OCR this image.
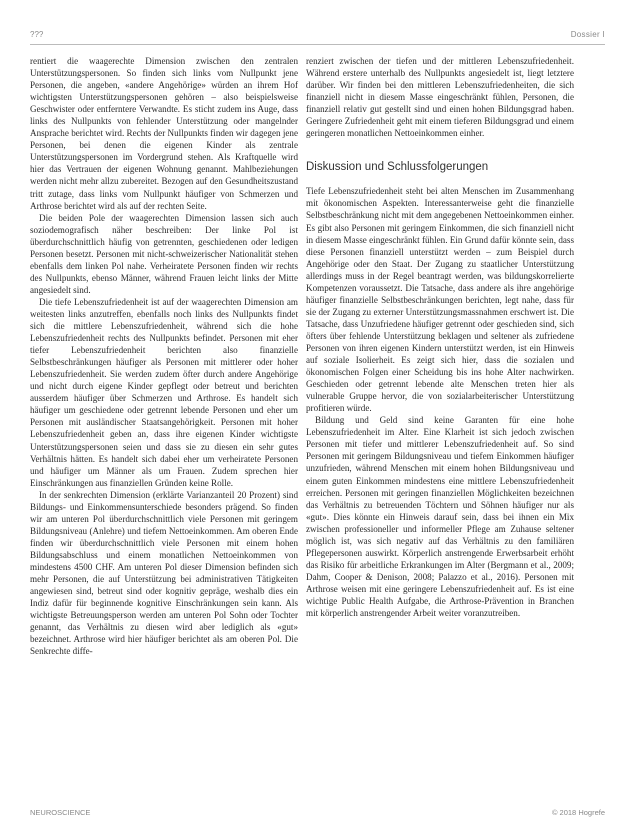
???	Dossier I

rentiert die waagerechte Dimension zwischen den zentralen Unterstützungspersonen. So finden sich links vom Nullpunkt jene Personen, die angeben, «andere Angehörige» würden an ihrem Hof wichtigsten Unterstützungspersonen gehören – also beispielsweise Geschwister oder entferntere Verwandte. Es sticht zudem ins Auge, dass links des Nullpunkts von fehlender Unterstützung oder mangelnder Ansprache berichtet wird. Rechts der Nullpunkts finden wir dagegen jene Personen, bei denen die eigenen Kinder als zentrale Unterstützungspersonen im Vordergrund stehen. Als Kraftquelle wird hier das Vertrauen der eigenen Wohnung genannt. Mahlbeziehungen werden nicht mehr allzu zubereitet. Bezogen auf den Gesundheitszustand tritt zutage, dass links vom Nullpunkt häufiger von Schmerzen und Arthrose berichtet wird als auf der rechten Seite.

Die beiden Pole der waagerechten Dimension lassen sich auch soziodemografisch näher beschreiben: Der linke Pol ist überdurchschnittlich häufig von getrennten, geschiedenen oder ledigen Personen besetzt. Personen mit nicht-schweizerischer Nationalität stehen ebenfalls dem linken Pol nahe. Verheiratete Personen finden wir rechts des Nullpunkts, ebenso Männer, während Frauen leicht links der Mitte angesiedelt sind.

Die tiefe Lebenszufriedenheit ist auf der waagerechten Dimension am weitesten links anzutreffen, ebenfalls noch links des Nullpunkts findet sich die mittlere Lebenszufriedenheit, während sich die hohe Lebenszufriedenheit rechts des Nullpunkts befindet. Personen mit eher tiefer Lebenszufriedenheit berichten also finanzielle Selbstbeschränkungen häufiger als Personen mit mittlerer oder hoher Lebenszufriedenheit. Sie werden zudem öfter durch andere Angehörige und nicht durch eigene Kinder gepflegt oder betreut und berichten ausserdem häufiger über Schmerzen und Arthrose. Es handelt sich häufiger um geschiedene oder getrennt lebende Personen und eher um Personen mit ausländischer Staatsangehörigkeit. Personen mit hoher Lebenszufriedenheit geben an, dass ihre eigenen Kinder wichtigste Unterstützungspersonen seien und dass sie zu diesen ein sehr gutes Verhältnis hätten. Es handelt sich dabei eher um verheiratete Personen und häufiger um Männer als um Frauen. Zudem sprechen hier Einschränkungen aus finanziellen Gründen keine Rolle.

In der senkrechten Dimension (erklärte Varianzanteil 20 Prozent) sind Bildungs- und Einkommensunterschiede besonders prägend. So finden wir am unteren Pol überdurchschnittlich viele Personen mit geringem Bildungsniveau (Anlehre) und tiefem Nettoeinkommen. Am oberen Ende finden wir überdurchschnittlich viele Personen mit einem hohen Bildungsabschluss und einem monatlichen Nettoeinkommen von mindestens 4500 CHF. Am unteren Pol dieser Dimension befinden sich mehr Personen, die auf Unterstützung bei administrativen Tätigkeiten angewiesen sind, betreut sind oder kognitiv gepräge, weshalb dies ein Indiz dafür für beginnende kognitive Einschränkungen sein kann. Als wichtigste Betreuungsperson werden am unteren Pol Sohn oder Tochter genannt, das Verhältnis zu diesen wird aber lediglich als «gut» bezeichnet. Arthrose wird hier häufiger berichtet als am oberen Pol. Die Senkrechte diffe-

renziert zwischen der tiefen und der mittleren Lebenszufriedenheit. Während erstere unterhalb des Nullpunkts angesiedelt ist, liegt letztere darüber. Wir finden bei den mittleren Lebenszufriedenheiten, die sich finanziell nicht in diesem Masse eingeschränkt fühlen, Personen, die finanziell relativ gut gestellt sind und einen hohen Bildungsgrad haben. Geringere Zufriedenheit geht mit einem tieferen Bildungsgrad und einem geringeren monatlichen Nettoeinkommen einher.

Diskussion und Schlussfolgerungen

Tiefe Lebenszufriedenheit steht bei alten Menschen im Zusammenhang mit ökonomischen Aspekten. Interessanterweise geht die finanzielle Selbstbeschränkung nicht mit dem angegebenen Nettoeinkommen einher. Es gibt also Personen mit geringem Einkommen, die sich finanziell nicht in diesem Masse eingeschränkt fühlen. Ein Grund dafür könnte sein, dass diese Personen finanziell unterstützt werden – zum Beispiel durch Angehörige oder den Staat. Der Zugang zu staatlicher Unterstützung allerdings muss in der Regel beantragt werden, was bildungskorrelierte Kompetenzen voraussetzt. Die Tatsache, dass andere als ihre angehörige häufiger finanzielle Selbstbeschränkungen berichten, legt nahe, dass für sie der Zugang zu externer Unterstützungsmassnahmen erschwert ist. Die Tatsache, dass Unzufriedene häufiger getrennt oder geschieden sind, sich öfters über fehlende Unterstützung beklagen und seltener als zufriedene Personen von ihren eigenen Kindern unterstützt werden, ist ein Hinweis auf soziale Isolierheit. Es zeigt sich hier, dass die sozialen und ökonomischen Folgen einer Scheidung bis ins hohe Alter nachwirken. Geschieden oder getrennt lebende alte Menschen treten hier als vulnerable Gruppe hervor, die von sozialarbeiterischer Unterstützung profitieren würde.

Bildung und Geld sind keine Garanten für eine hohe Lebenszufriedenheit im Alter. Eine Klarheit ist sich jedoch zwischen Personen mit tiefer und mittlerer Lebenszufriedenheit auf. So sind Personen mit geringem Bildungsniveau und tiefem Einkommen häufiger unzufrieden, während Menschen mit einem hohen Bildungsniveau und einem guten Einkommen mindestens eine mittlere Lebenszufriedenheit erreichen. Personen mit geringen finanziellen Möglichkeiten bezeichnen das Verhältnis zu betreuenden Töchtern und Söhnen häufiger nur als «gut». Dies könnte ein Hinweis darauf sein, dass bei ihnen ein Mix zwischen professioneller und informeller Pflege am Zuhause seltener möglich ist, was sich negativ auf das Verhältnis zu den familiären Pflegepersonen auswirkt. Körperlich anstrengende Erwerbsarbeit erhöht das Risiko für arbeitliche Erkrankungen im Alter (Bergmann et al., 2009; Dahm, Cooper & Denison, 2008; Palazzo et al., 2016). Personen mit Arthrose weisen mit eine geringere Lebenszufriedenheit auf. Es ist eine wichtige Public Health Aufgabe, die Arthrose-Prävention in Branchen mit körperlich anstrengender Arbeit weiter voranzutreiben.

NEUROSCIENCE	© 2018 Hogrefe
